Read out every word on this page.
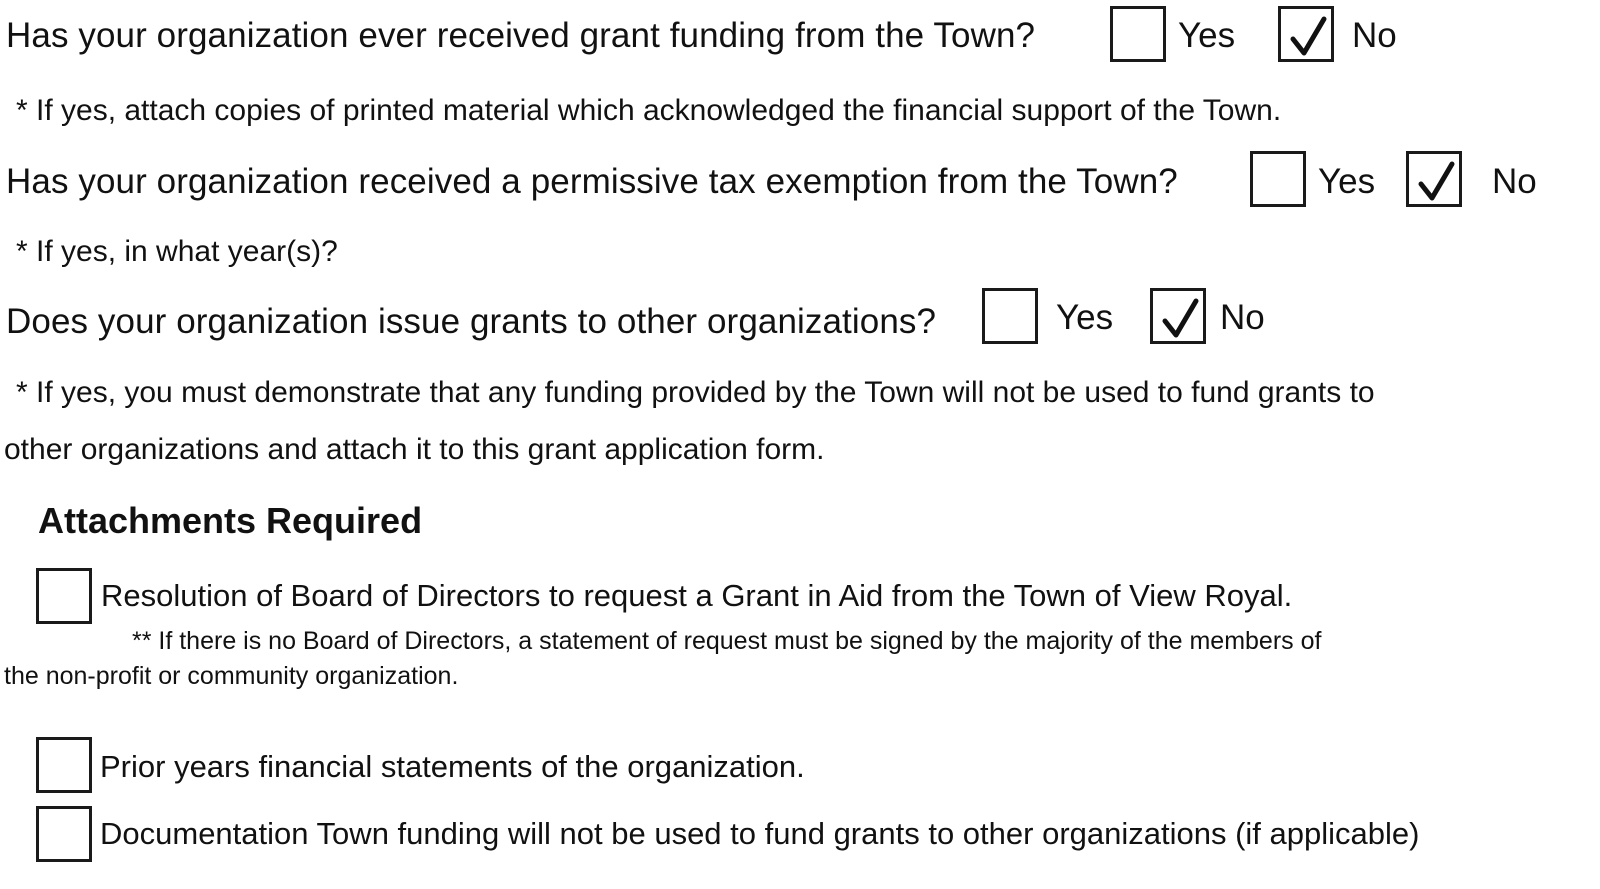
Has your organization ever received grant funding from the Town?	Yes	No
* If yes, attach copies of printed material which acknowledged the financial support of the Town.
Has your organization received a permissive tax exemption from the Town?	Yes	No
* If yes, in what year(s)?
Does your organization issue grants to other organizations?	Yes	No
* If yes, you must demonstrate that any funding provided by the Town will not be used to fund grants to
other organizations and attach it to this grant application form.
Attachments Required
Resolution of Board of Directors to request a Grant in Aid from the Town of View Royal.
** If there is no Board of Directors, a statement of request must be signed by the majority of the members of
the non-profit or community organization.
Prior years financial statements of the organization.
Documentation Town funding will not be used to fund grants to other organizations (if applicable)
